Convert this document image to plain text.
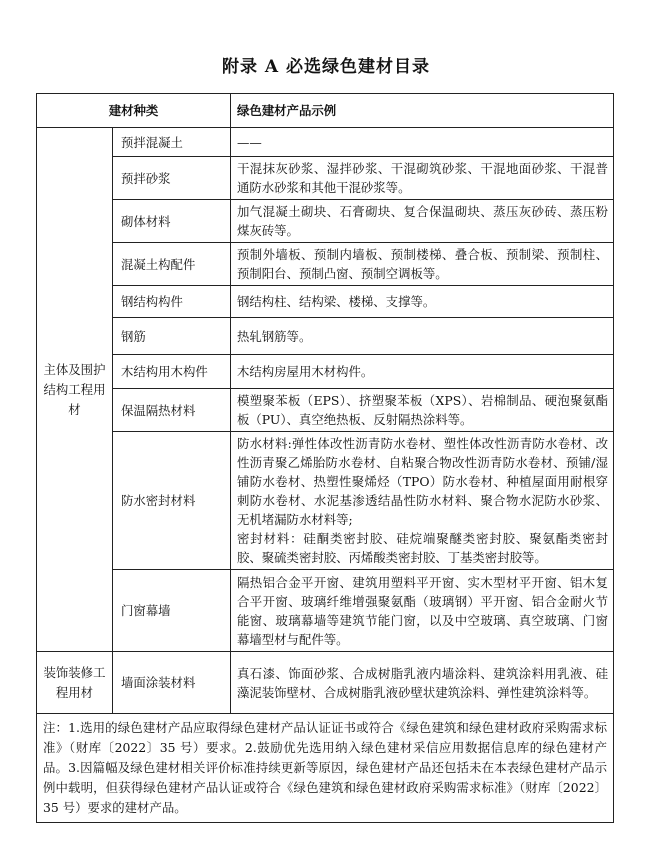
附录 A 必选绿色建材目录
建材种类		绿色建材产品示例
主体及围护结构工程用材	预拌混凝土	——
	预拌砂浆	干混抹灰砂浆、湿拌砂浆、干混砌筑砂浆、干混地面砂浆、干混普通防水砂浆和其他干混砂浆等。
	砌体材料	加气混凝土砌块、石膏砌块、复合保温砌块、蒸压灰砂砖、蒸压粉煤灰砖等。
	混凝土构配件	预制外墙板、预制内墙板、预制楼梯、叠合板、预制梁、预制柱、预制阳台、预制凸窗、预制空调板等。
	钢结构构件	钢结构柱、结构梁、楼梯、支撑等。
	钢筋	热轧钢筋等。
	木结构用木构件	木结构房屋用木材构件。
	保温隔热材料	模塑聚苯板（EPS）、挤塑聚苯板（XPS）、岩棉制品、硬泡聚氨酯板（PU）、真空绝热板、反射隔热涂料等。
	防水密封材料	防水材料:弹性体改性沥青防水卷材、塑性体改性沥青防水卷材、改性沥青聚乙烯胎防水卷材、自粘聚合物改性沥青防水卷材、预铺/湿铺防水卷材、热塑性聚烯烃（TPO）防水卷材、种植屋面用耐根穿刺防水卷材、水泥基渗透结晶性防水材料、聚合物水泥防水砂浆、无机堵漏防水材料等;
密封材料：硅酮类密封胶、硅烷端聚醚类密封胶、聚氨酯类密封胶、聚硫类密封胶、丙烯酸类密封胶、丁基类密封胶等。

	门窗幕墙	隔热铝合金平开窗、建筑用塑料平开窗、实木型材平开窗、铝木复合平开窗、玻璃纤维增强聚氨酯（玻璃钢）平开窗、铝合金耐火节能窗、玻璃幕墙等建筑节能门窗，以及中空玻璃、真空玻璃、门窗幕墙型材与配件等。
装饰装修工程用材	墙面涂装材料	真石漆、饰面砂浆、合成树脂乳液内墙涂料、建筑涂料用乳液、硅藻泥装饰壁材、合成树脂乳液砂壁状建筑涂料、弹性建筑涂料等。
注：1.选用的绿色建材产品应取得绿色建材产品认证证书或符合《绿色建筑和绿色建材政府采购需求标准》（财库〔2022〕35 号）要求。2.鼓励优先选用纳入绿色建材采信应用数据信息库的绿色建材产品。3.因篇幅及绿色建材相关评价标准持续更新等原因，绿色建材产品还包括未在本表绿色建材产品示例中载明，但获得绿色建材产品认证或符合《绿色建筑和绿色建材政府采购需求标准》（财库〔2022〕35 号）要求的建材产品。		
